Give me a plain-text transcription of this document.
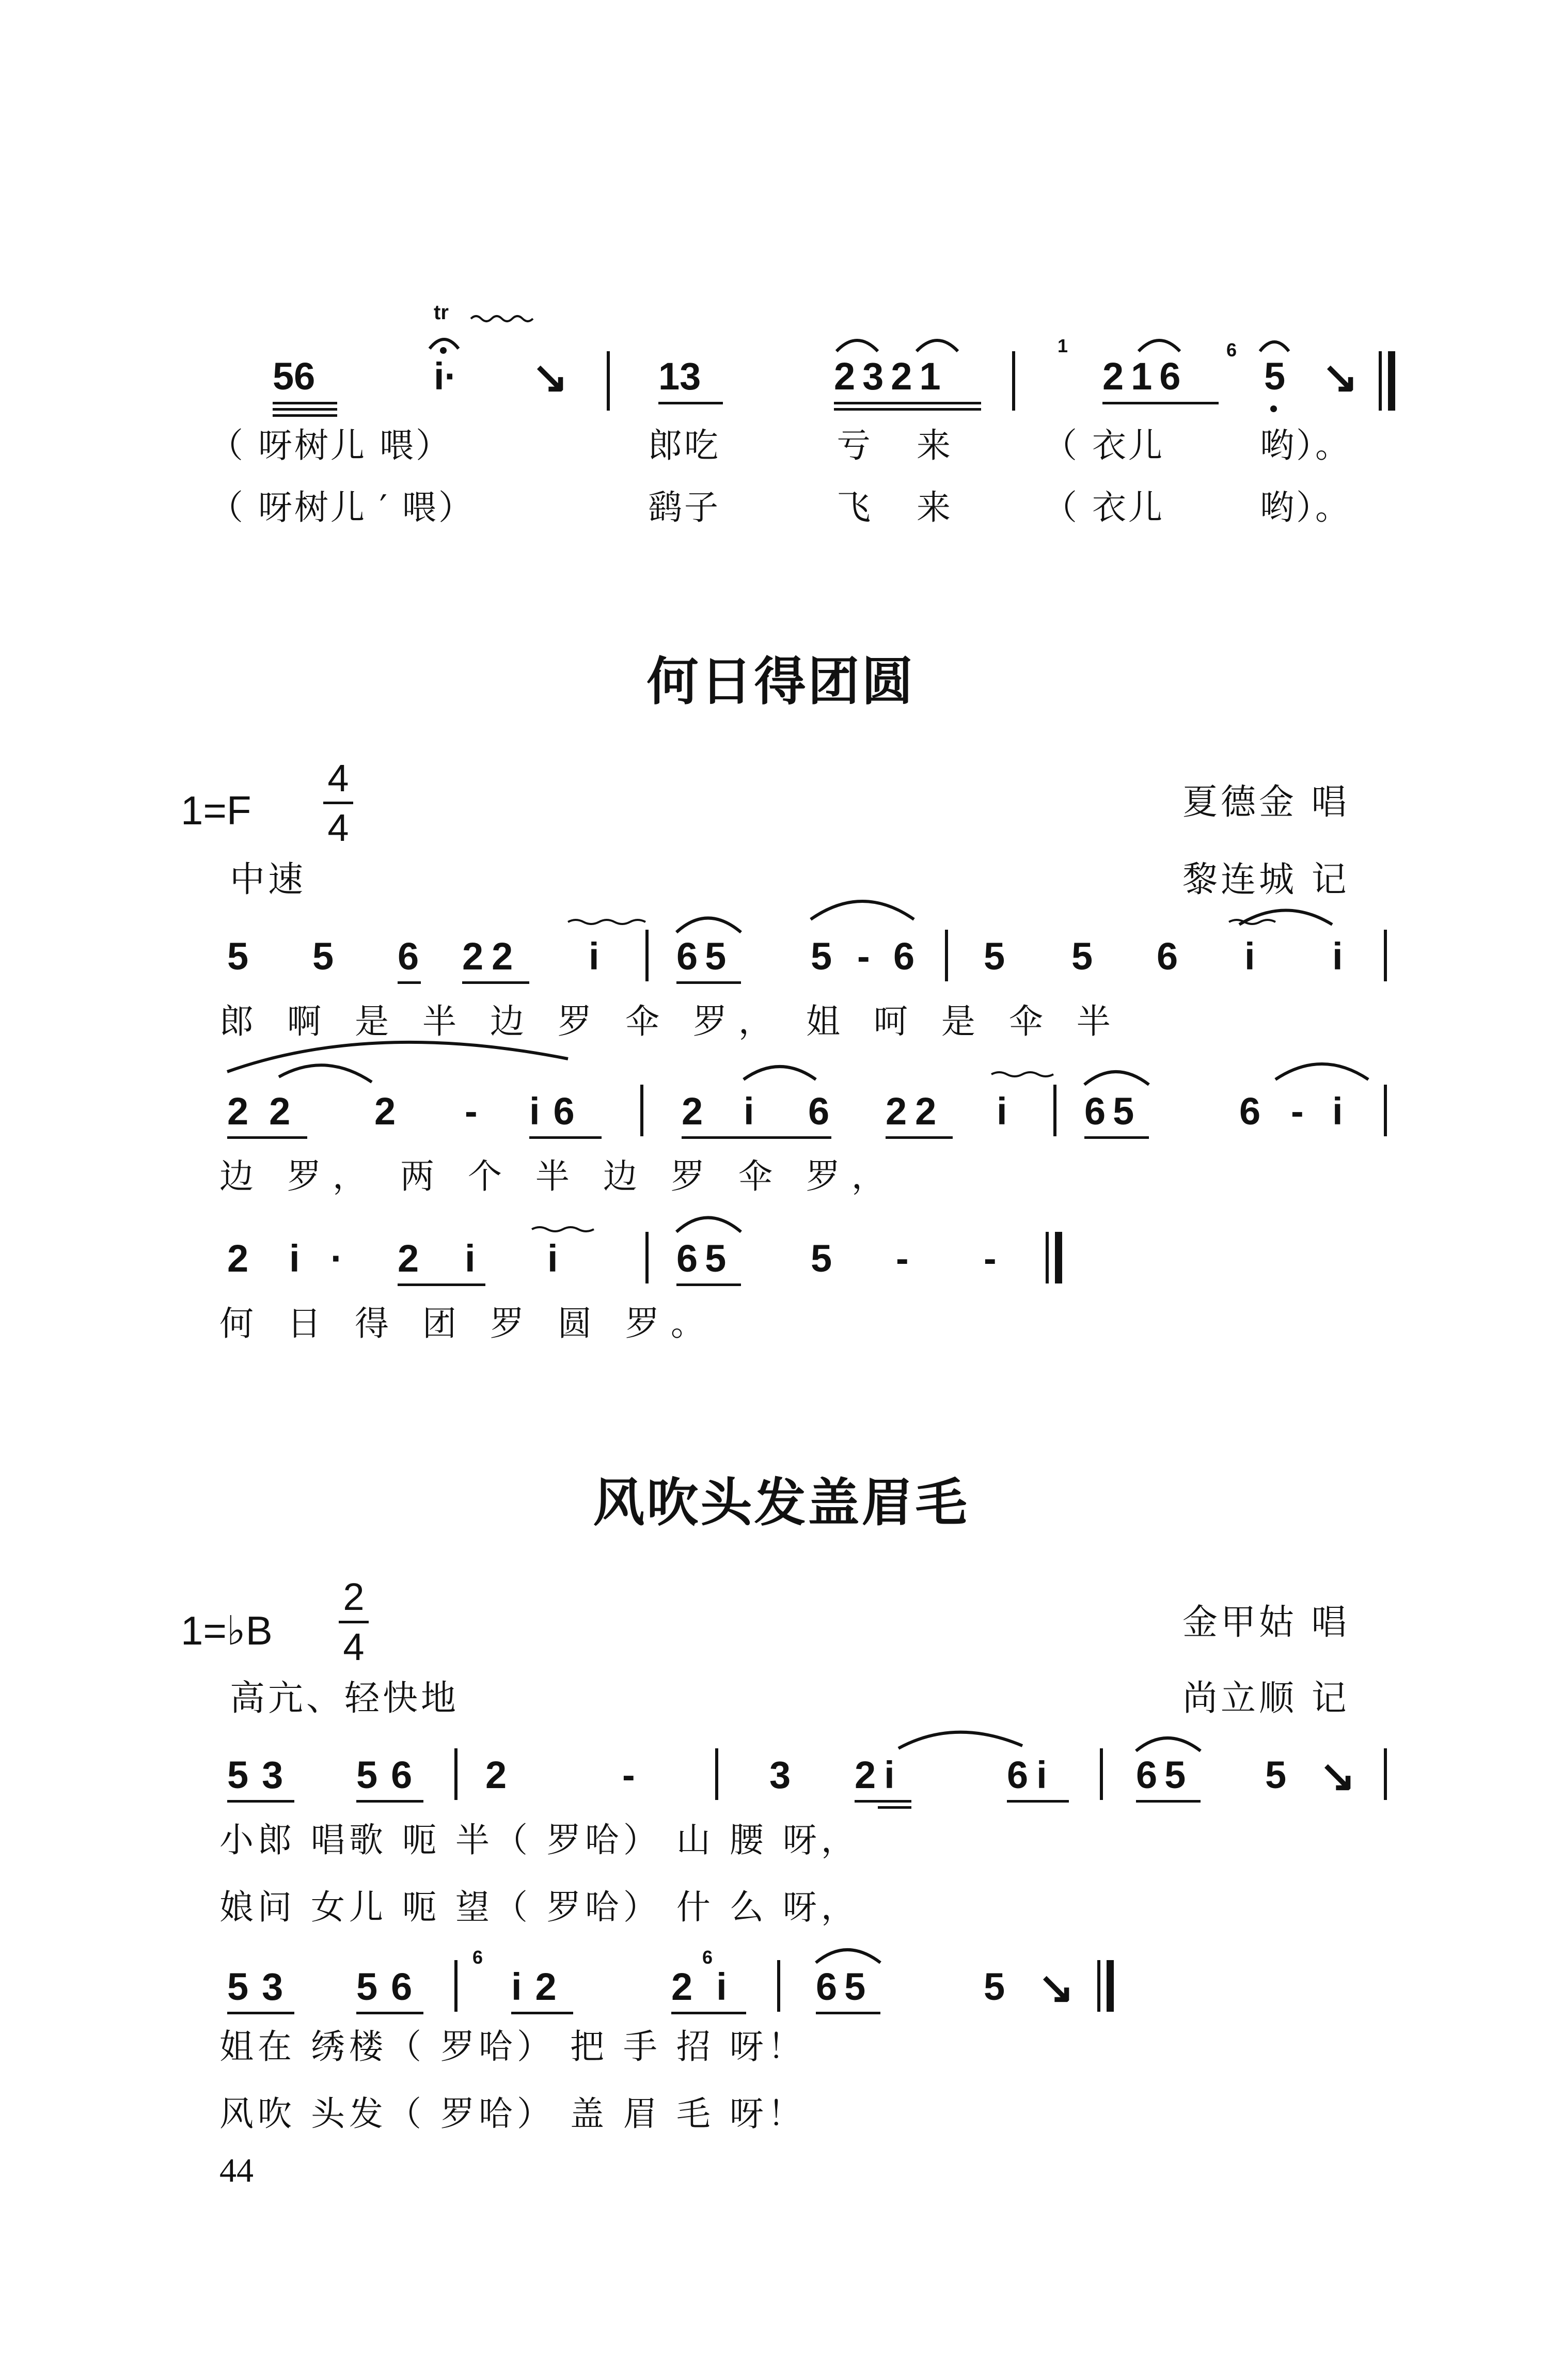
tr
56	i· ↘ 13	2321
1
216
6
5 ↘
（ 呀树儿 喂）	郎吃	亏 来	（ 衣儿	哟）。
（ 呀树儿 ′ 喂）	鹞子	飞 来	（ 衣儿	哟）。
何日得团圆
1=F
4
4
夏德金 唱
中速	黎连城 记
5 5 6 22 i 65 5 - 6 5 5 6 i i
郎 啊 是 半 边 罗 伞 罗， 姐 呵 是 伞 半
22 2 - i6 2 i 6 22 i 65	6 - i
边 罗， 两 个 半 边 罗 伞 罗，
2 i · 2 i i	65 5 - -
何 日 得 团 罗 圆 罗。
风吹头发盖眉毛
1=♭B
2
4
金甲姑 唱
高亢、轻快地	尚立顺 记
53 56 2	-	3 2i	6i 65 5 ↘
小郎 唱歌 呃 半（ 罗哈） 山 腰 呀，
娘问 女儿 呃 望（ 罗哈） 什 么 呀，
53 56
6
i2
6
2i 65	5 ↘
姐在 绣楼（ 罗哈） 把 手 招 呀！
风吹 头发（ 罗哈） 盖 眉 毛 呀！
44
